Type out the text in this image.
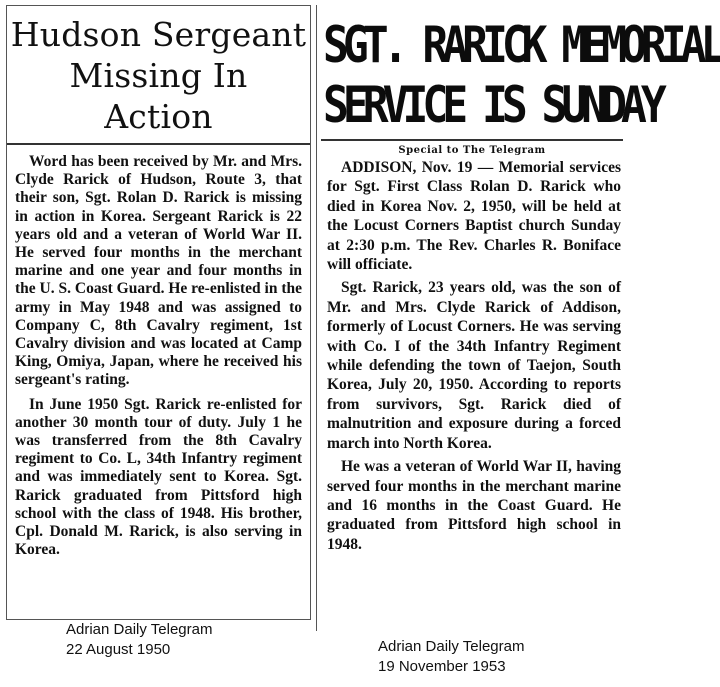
Hudson Sergeant
Missing In
Action

Word has been received by Mr. and Mrs. Clyde Rarick of Hudson, Route 3, that their son, Sgt. Rolan D. Rarick is missing in action in Korea. Sergeant Rarick is 22 years old and a veteran of World War II. He served four months in the merchant marine and one year and four months in the U. S. Coast Guard. He re-enlisted in the army in May 1948 and was assigned to Company C, 8th Cavalry regiment, 1st Cavalry division and was located at Camp King, Omiya, Japan, where he received his sergeant's rating.

In June 1950 Sgt. Rarick re-enlisted for another 30 month tour of duty. July 1 he was transferred from the 8th Cavalry regiment to Co. L, 34th Infantry regiment and was immediately sent to Korea. Sgt. Rarick graduated from Pittsford high school with the class of 1948. His brother, Cpl. Donald M. Rarick, is also serving in Korea.

SGT. RARICK MEMORIAL
SERVICE IS SUNDAY
Special to The Telegram

ADDISON, Nov. 19 — Memorial services for Sgt. First Class Rolan D. Rarick who died in Korea Nov. 2, 1950, will be held at the Locust Corners Baptist church Sunday at 2:30 p.m. The Rev. Charles R. Boniface will officiate.

Sgt. Rarick, 23 years old, was the son of Mr. and Mrs. Clyde Rarick of Addison, formerly of Locust Corners. He was serving with Co. I of the 34th Infantry Regiment while defending the town of Taejon, South Korea, July 20, 1950. According to reports from survivors, Sgt. Rarick died of malnutrition and exposure during a forced march into North Korea.

He was a veteran of World War II, having served four months in the merchant marine and 16 months in the Coast Guard. He graduated from Pittsford high school in 1948.

Adrian Daily Telegram
22 August 1950	Adrian Daily Telegram
19 November 1953
